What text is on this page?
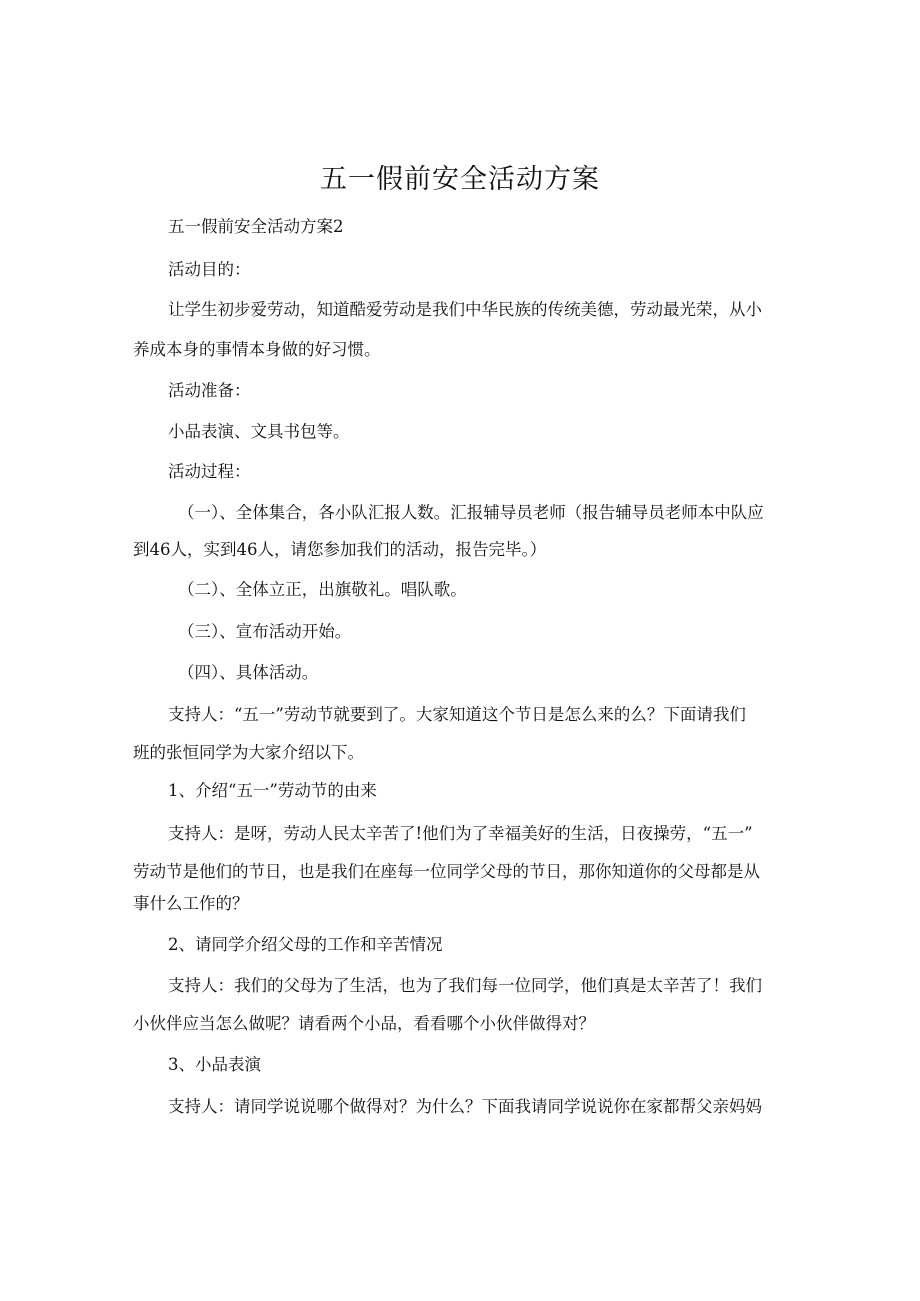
五一假前安全活动方案
五一假前安全活动方案2
活动目的：
让学生初步爱劳动，知道酷爱劳动是我们中华民族的传统美德，劳动最光荣，从小
养成本身的事情本身做的好习惯。
活动准备：
小品表演、文具书包等。
活动过程：
（一）、全体集合，各小队汇报人数。汇报辅导员老师（报告辅导员老师本中队应
到46人，实到46人，请您参加我们的活动，报告完毕。）
（二）、全体立正，出旗敬礼。唱队歌。
（三）、宣布活动开始。
（四）、具体活动。
支持人：“五一”劳动节就要到了。大家知道这个节日是怎么来的么？下面请我们
班的张恒同学为大家介绍以下。
1、介绍“五一”劳动节的由来
支持人：是呀，劳动人民太辛苦了!他们为了幸福美好的生活，日夜操劳，“五一”
劳动节是他们的节日，也是我们在座每一位同学父母的节日，那你知道你的父母都是从
事什么工作的？
2、请同学介绍父母的工作和辛苦情况
支持人：我们的父母为了生活，也为了我们每一位同学，他们真是太辛苦了！我们
小伙伴应当怎么做呢？请看两个小品，看看哪个小伙伴做得对？
3、小品表演
支持人：请同学说说哪个做得对？为什么？下面我请同学说说你在家都帮父亲妈妈
